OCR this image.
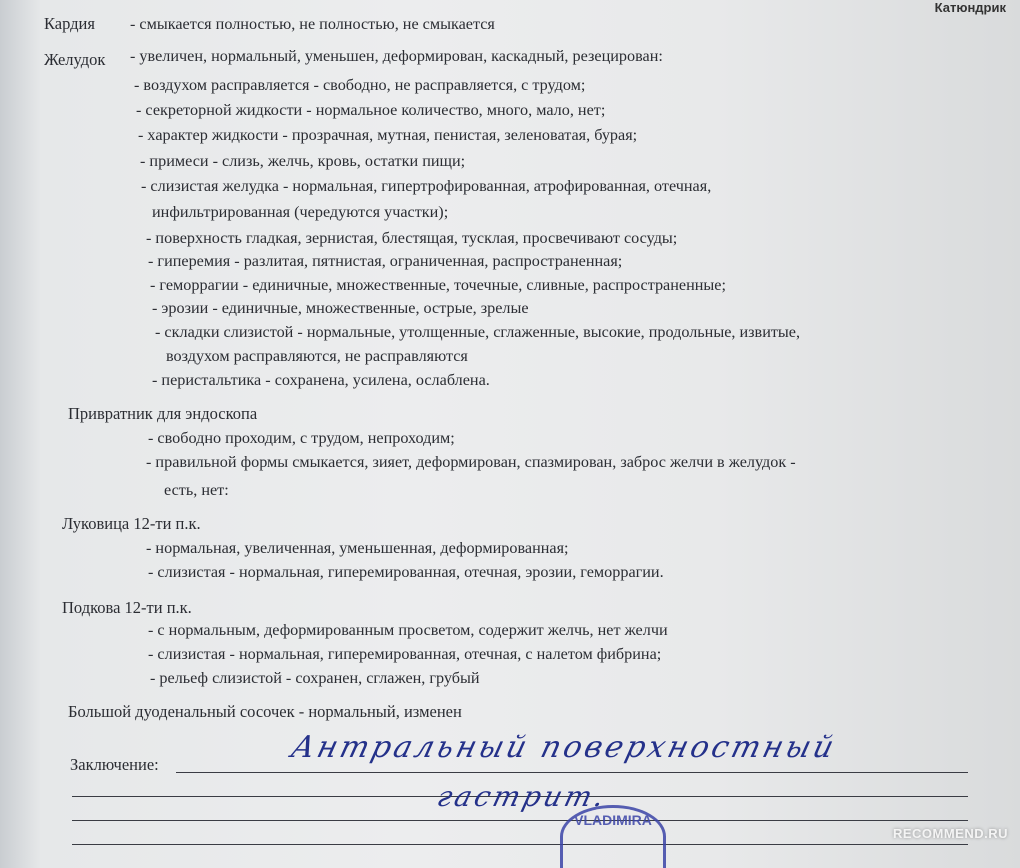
Катюндрик
Кардия - смыкается полностью, не полностью, не смыкается
Желудок - увеличен, нормальный, уменьшен, деформирован, каскадный, резецирован:
- воздухом расправляется - свободно, не расправляется, с трудом;
- секреторной жидкости - нормальное количество, много, мало, нет;
- характер жидкости - прозрачная, мутная, пенистая, зеленоватая, бурая;
- примеси - слизь, желчь, кровь, остатки пищи;
- слизистая желудка - нормальная, гипертрофированная, атрофированная, отечная,
инфильтрированная (чередуются участки);
- поверхность гладкая, зернистая, блестящая, тусклая, просвечивают сосуды;
- гиперемия - разлитая, пятнистая, ограниченная, распространенная;
- геморрагии - единичные, множественные, точечные, сливные, распространенные;
- эрозии - единичные, множественные, острые, зрелые
- складки слизистой - нормальные, утолщенные, сглаженные, высокие, продольные, извитые,
воздухом расправляются, не расправляются
- перистальтика - сохранена, усилена, ослаблена.
Привратник для эндоскопа
- свободно проходим, с трудом, непроходим;
- правильной формы смыкается, зияет, деформирован, спазмирован, заброс желчи в желудок -
есть, нет:
Луковица 12-ти п.к.
- нормальная, увеличенная, уменьшенная, деформированная;
- слизистая - нормальная, гиперемированная, отечная, эрозии, геморрагии.
Подкова 12-ти п.к.
- с нормальным, деформированным просветом, содержит желчь, нет желчи
- слизистая - нормальная, гиперемированная, отечная, с налетом фибрина;
- рельеф слизистой - сохранен, сглажен, грубый
Большой дуоденальный сосочек - нормальный, изменен
Заключение:	Антральный поверхностный
гастрит.
VLADIMIRA
RECOMMEND.RU
